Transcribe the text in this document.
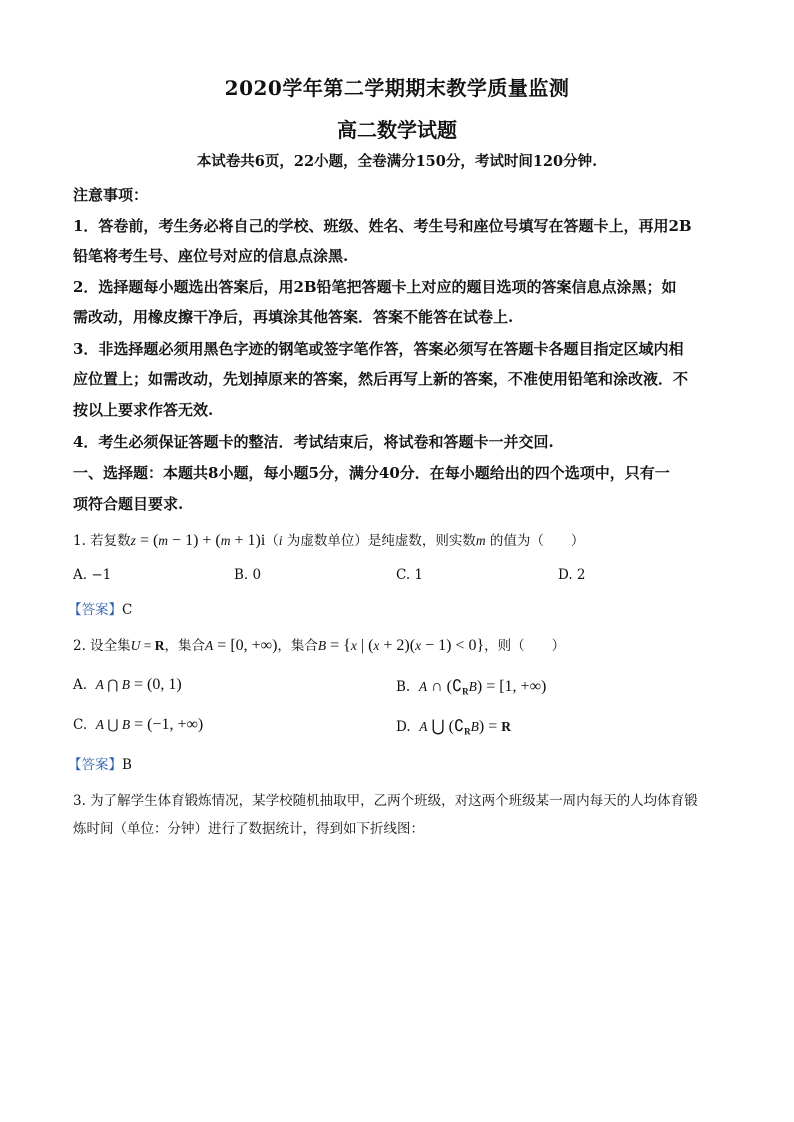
2020学年第二学期期末教学质量监测
高二数学试题
本试卷共6页，22小题，全卷满分150分，考试时间120分钟.
注意事项：
1．答卷前，考生务必将自己的学校、班级、姓名、考生号和座位号填写在答题卡上，再用2B
铅笔将考生号、座位号对应的信息点涂黑.
2．选择题每小题选出答案后，用2B铅笔把答题卡上对应的题目选项的答案信息点涂黑；如
需改动，用橡皮擦干净后，再填涂其他答案．答案不能答在试卷上.
3．非选择题必须用黑色字迹的钢笔或签字笔作答，答案必须写在答题卡各题目指定区域内相
应位置上；如需改动，先划掉原来的答案，然后再写上新的答案，不准使用铅笔和涂改液．不
按以上要求作答无效.
4．考生必须保证答题卡的整洁．考试结束后，将试卷和答题卡一并交回.
一、选择题：本题共8小题，每小题5分，满分40分．在每小题给出的四个选项中，只有一
项符合题目要求.
1. 若复数z = (m − 1) + (m + 1)i（i 为虚数单位）是纯虚数，则实数m 的值为（　　）
A. −1	B. 0	C. 1	D. 2
【答案】C
2. 设全集U = R，集合A = [0, +∞)，集合B = {x | (x + 2)(x − 1) < 0}，则（　　）
A. A ⋂ B = (0, 1)	B. A ∩ $(∁_RB) = [1$, +∞)
C. A ⋃ B = (−1, +∞)	D. A ⋃ $(∁_RB) = R$
【答案】B
3. 为了解学生体育锻炼情况，某学校随机抽取甲，乙两个班级，对这两个班级某一周内每天的人均体育锻
炼时间（单位：分钟）进行了数据统计，得到如下折线图：
